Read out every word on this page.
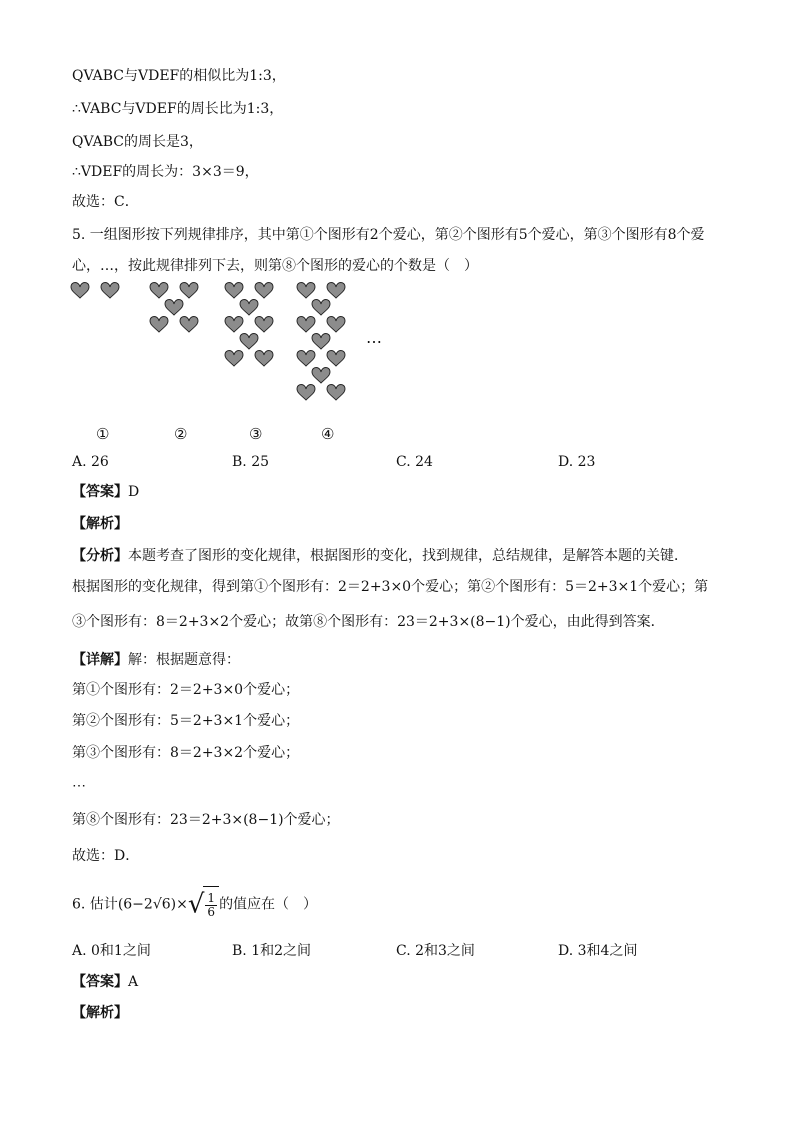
QVABC与VDEF的相似比为1:3，
∴VABC与VDEF的周长比为1:3，
QVABC的周长是3，
∴VDEF的周长为：3×3＝9，
故选：C．
5. 一组图形按下列规律排序，其中第①个图形有2个爱心，第②个图形有5个爱心，第③个图形有8个爱
心，…，按此规律排列下去，则第⑧个图形的爱心的个数是（　）
⋯
①	②	③	④
A. 26	B. 25	C. 24	D. 23
【答案】D
【解析】
【分析】本题考查了图形的变化规律，根据图形的变化，找到规律，总结规律，是解答本题的关键．
根据图形的变化规律，得到第①个图形有：2＝2+3×0个爱心；第②个图形有：5＝2+3×1个爱心；第
③个图形有：8＝2+3×2个爱心；故第⑧个图形有：23＝2+3×(8−1)个爱心，由此得到答案．
【详解】解：根据题意得：
第①个图形有：2＝2+3×0个爱心；
第②个图形有：5＝2+3×1个爱心；
第③个图形有：8＝2+3×2个爱心；
⋯
第⑧个图形有：23＝2+3×(8−1)个爱心；
故选：D．
6. 估计$(6-2√6)\times√ \frac{1}{6}$ 的值应在（　）
A. 0和1之间	B. 1和2之间	C. 2和3之间	D. 3和4之间
【答案】A
【解析】
